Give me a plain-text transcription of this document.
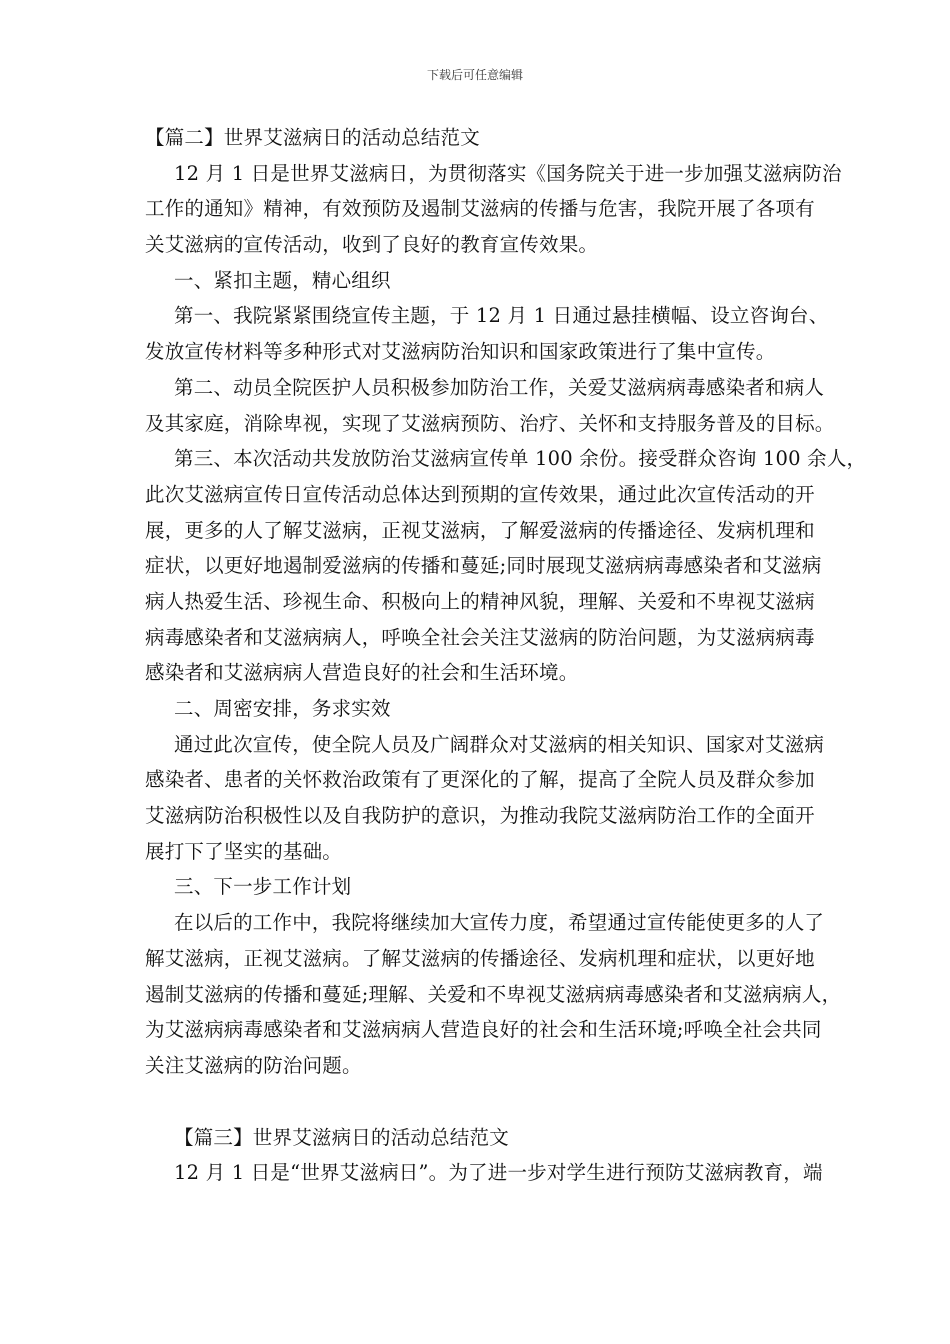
下载后可任意编辑

【篇二】世界艾滋病日的活动总结范文

12 月 1 日是世界艾滋病日，为贯彻落实《国务院关于进一步加强艾滋病防治

工作的通知》精神，有效预防及遏制艾滋病的传播与危害，我院开展了各项有

关艾滋病的宣传活动，收到了良好的教育宣传效果。

一、紧扣主题，精心组织

第一、我院紧紧围绕宣传主题，于 12 月 1 日通过悬挂横幅、设立咨询台、

发放宣传材料等多种形式对艾滋病防治知识和国家政策进行了集中宣传。

第二、动员全院医护人员积极参加防治工作，关爱艾滋病病毒感染者和病人

及其家庭，消除卑视，实现了艾滋病预防、治疗、关怀和支持服务普及的目标。

第三、本次活动共发放防治艾滋病宣传单 100 余份。接受群众咨询 100 余人，

此次艾滋病宣传日宣传活动总体达到预期的宣传效果，通过此次宣传活动的开

展，更多的人了解艾滋病，正视艾滋病，了解爱滋病的传播途径、发病机理和

症状，以更好地遏制爱滋病的传播和蔓延;同时展现艾滋病病毒感染者和艾滋病

病人热爱生活、珍视生命、积极向上的精神风貌，理解、关爱和不卑视艾滋病

病毒感染者和艾滋病病人，呼唤全社会关注艾滋病的防治问题，为艾滋病病毒

感染者和艾滋病病人营造良好的社会和生活环境。

二、周密安排，务求实效

通过此次宣传，使全院人员及广阔群众对艾滋病的相关知识、国家对艾滋病

感染者、患者的关怀救治政策有了更深化的了解，提高了全院人员及群众参加

艾滋病防治积极性以及自我防护的意识，为推动我院艾滋病防治工作的全面开

展打下了坚实的基础。

三、下一步工作计划

在以后的工作中，我院将继续加大宣传力度，希望通过宣传能使更多的人了

解艾滋病，正视艾滋病。了解艾滋病的传播途径、发病机理和症状，以更好地

遏制艾滋病的传播和蔓延;理解、关爱和不卑视艾滋病病毒感染者和艾滋病病人，

为艾滋病病毒感染者和艾滋病病人营造良好的社会和生活环境;呼唤全社会共同

关注艾滋病的防治问题。

【篇三】世界艾滋病日的活动总结范文

12 月 1 日是“世界艾滋病日”。为了进一步对学生进行预防艾滋病教育，端
